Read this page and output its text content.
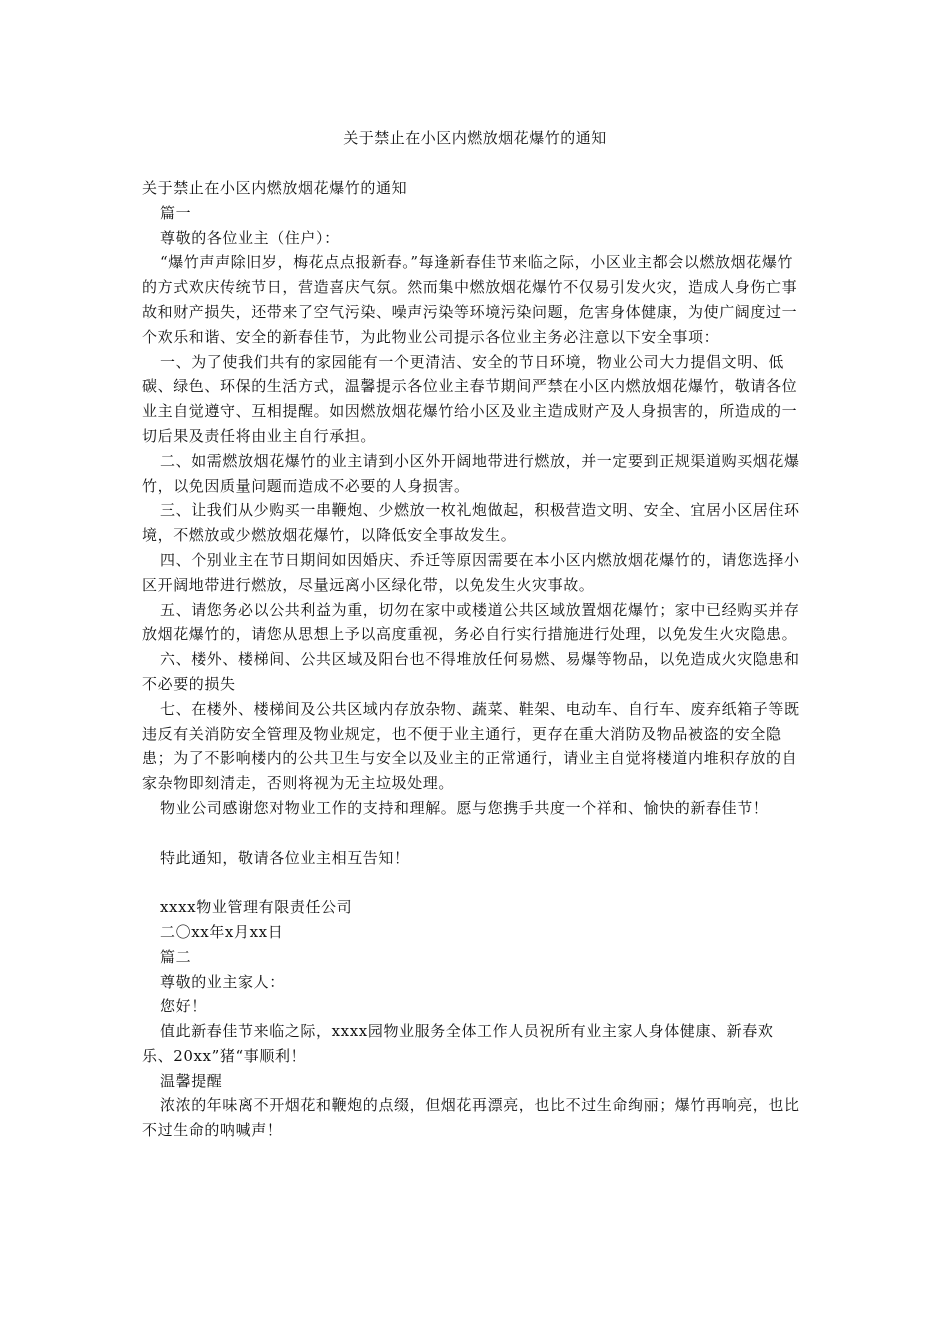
关于禁止在小区内燃放烟花爆竹的通知

关于禁止在小区内燃放烟花爆竹的通知

篇一

尊敬的各位业主（住户）：

“爆竹声声除旧岁，梅花点点报新春。”每逢新春佳节来临之际，小区业主都会以燃放烟花爆竹的方式欢庆传统节日，营造喜庆气氛。然而集中燃放烟花爆竹不仅易引发火灾，造成人身伤亡事故和财产损失，还带来了空气污染、噪声污染等环境污染问题，危害身体健康，为使广阔度过一个欢乐和谐、安全的新春佳节，为此物业公司提示各位业主务必注意以下安全事项：

一、为了使我们共有的家园能有一个更清洁、安全的节日环境，物业公司大力提倡文明、低碳、绿色、环保的生活方式，温馨提示各位业主春节期间严禁在小区内燃放烟花爆竹，敬请各位业主自觉遵守、互相提醒。如因燃放烟花爆竹给小区及业主造成财产及人身损害的，所造成的一切后果及责任将由业主自行承担。

二、如需燃放烟花爆竹的业主请到小区外开阔地带进行燃放，并一定要到正规渠道购买烟花爆竹，以免因质量问题而造成不必要的人身损害。

三、让我们从少购买一串鞭炮、少燃放一枚礼炮做起，积极营造文明、安全、宜居小区居住环境，不燃放或少燃放烟花爆竹，以降低安全事故发生。

四、个别业主在节日期间如因婚庆、乔迁等原因需要在本小区内燃放烟花爆竹的，请您选择小区开阔地带进行燃放，尽量远离小区绿化带，以免发生火灾事故。

五、请您务必以公共利益为重，切勿在家中或楼道公共区域放置烟花爆竹；家中已经购买并存放烟花爆竹的，请您从思想上予以高度重视，务必自行实行措施进行处理，以免发生火灾隐患。

六、楼外、楼梯间、公共区域及阳台也不得堆放任何易燃、易爆等物品，以免造成火灾隐患和不必要的损失

七、在楼外、楼梯间及公共区域内存放杂物、蔬菜、鞋架、电动车、自行车、废弃纸箱子等既违反有关消防安全管理及物业规定，也不便于业主通行，更存在重大消防及物品被盗的安全隐患；为了不影响楼内的公共卫生与安全以及业主的正常通行，请业主自觉将楼道内堆积存放的自家杂物即刻清走，否则将视为无主垃圾处理。

物业公司感谢您对物业工作的支持和理解。愿与您携手共度一个祥和、愉快的新春佳节！

特此通知，敬请各位业主相互告知！

xxxx物业管理有限责任公司

二〇xx年x月xx日

篇二

尊敬的业主家人：

您好！

值此新春佳节来临之际，xxxx园物业服务全体工作人员祝所有业主家人身体健康、新春欢乐、20xx”猪“事顺利！

温馨提醒

浓浓的年味离不开烟花和鞭炮的点缀，但烟花再漂亮，也比不过生命绚丽；爆竹再响亮，也比不过生命的呐喊声！
